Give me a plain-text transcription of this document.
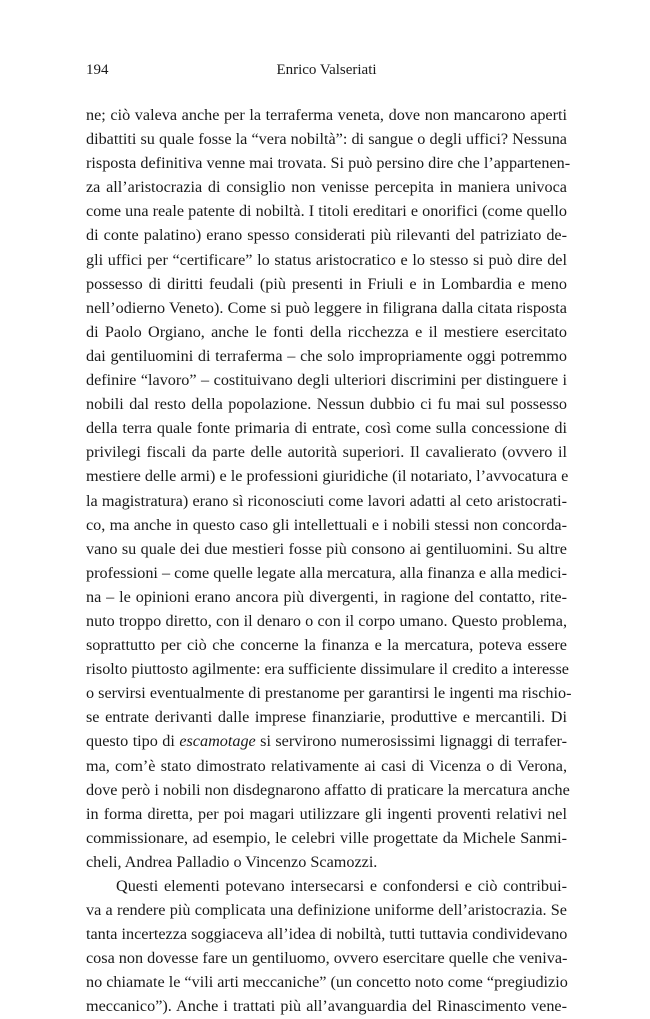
194	Enrico Valseriati
ne; ciò valeva anche per la terraferma veneta, dove non mancarono aperti
dibattiti su quale fosse la “vera nobiltà”: di sangue o degli uffici? Nessuna
risposta definitiva venne mai trovata. Si può persino dire che l’appartenen-
za all’aristocrazia di consiglio non venisse percepita in maniera univoca
come una reale patente di nobiltà. I titoli ereditari e onorifici (come quello
di conte palatino) erano spesso considerati più rilevanti del patriziato de-
gli uffici per “certificare” lo status aristocratico e lo stesso si può dire del
possesso di diritti feudali (più presenti in Friuli e in Lombardia e meno
nell’odierno Veneto). Come si può leggere in filigrana dalla citata risposta
di Paolo Orgiano, anche le fonti della ricchezza e il mestiere esercitato
dai gentiluomini di terraferma – che solo impropriamente oggi potremmo
definire “lavoro” – costituivano degli ulteriori discrimini per distinguere i
nobili dal resto della popolazione. Nessun dubbio ci fu mai sul possesso
della terra quale fonte primaria di entrate, così come sulla concessione di
privilegi fiscali da parte delle autorità superiori. Il cavalierato (ovvero il
mestiere delle armi) e le professioni giuridiche (il notariato, l’avvocatura e
la magistratura) erano sì riconosciuti come lavori adatti al ceto aristocrati-
co, ma anche in questo caso gli intellettuali e i nobili stessi non concorda-
vano su quale dei due mestieri fosse più consono ai gentiluomini. Su altre
professioni – come quelle legate alla mercatura, alla finanza e alla medici-
na – le opinioni erano ancora più divergenti, in ragione del contatto, rite-
nuto troppo diretto, con il denaro o con il corpo umano. Questo problema,
soprattutto per ciò che concerne la finanza e la mercatura, poteva essere
risolto piuttosto agilmente: era sufficiente dissimulare il credito a interesse
o servirsi eventualmente di prestanome per garantirsi le ingenti ma rischio-
se entrate derivanti dalle imprese finanziarie, produttive e mercantili. Di
questo tipo di escamotage si servirono numerosissimi lignaggi di terrafer-
ma, com’è stato dimostrato relativamente ai casi di Vicenza o di Verona,
dove però i nobili non disdegnarono affatto di praticare la mercatura anche
in forma diretta, per poi magari utilizzare gli ingenti proventi relativi nel
commissionare, ad esempio, le celebri ville progettate da Michele Sanmi-
cheli, Andrea Palladio o Vincenzo Scamozzi.
Questi elementi potevano intersecarsi e confondersi e ciò contribui-
va a rendere più complicata una definizione uniforme dell’aristocrazia. Se
tanta incertezza soggiaceva all’idea di nobiltà, tutti tuttavia condividevano
cosa non dovesse fare un gentiluomo, ovvero esercitare quelle che veniva-
no chiamate le “vili arti meccaniche” (un concetto noto come “pregiudizio
meccanico”). Anche i trattati più all’avanguardia del Rinascimento vene-
